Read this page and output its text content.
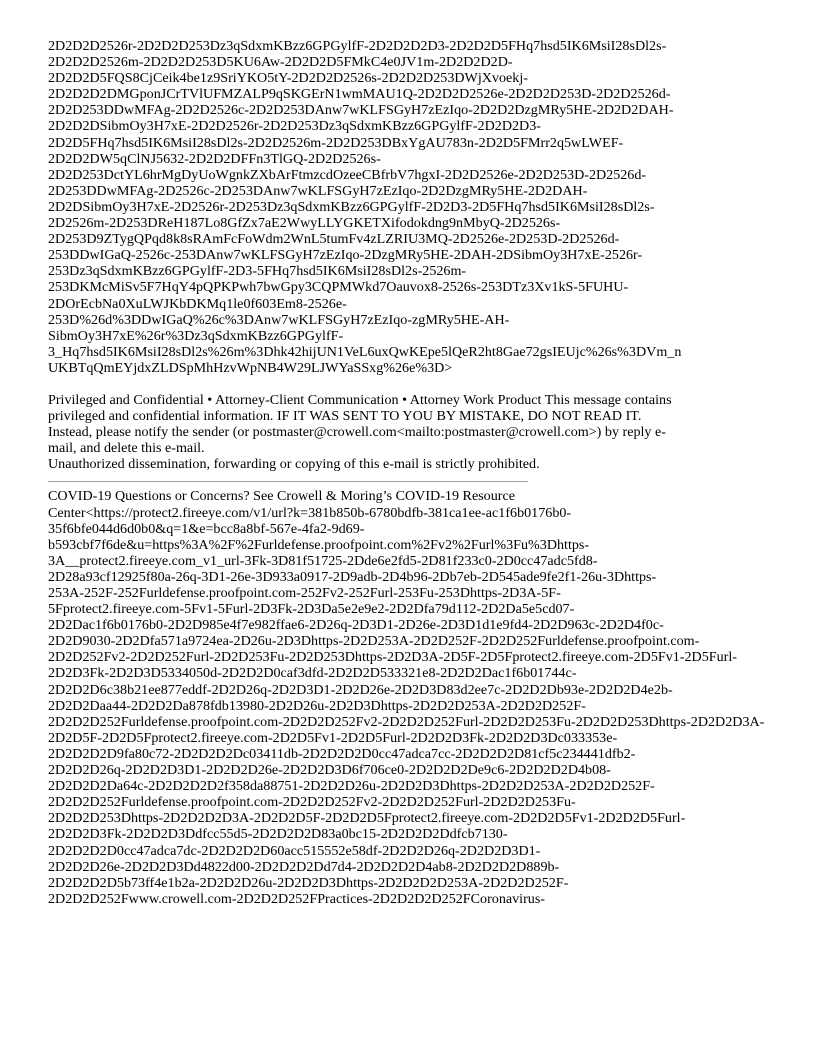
2D2D2D2526r-2D2D2D253Dz3qSdxmKBzz6GPGylfF-2D2D2D2D3-2D2D2D5FHq7hsd5IK6MsiI28sDl2s-
2D2D2D2526m-2D2D2D253D5KU6Aw-2D2D2D5FMkC4e0JV1m-2D2D2D2D-
2D2D2D5FQS8CjCeik4be1z9SriYKO5tY-2D2D2D2526s-2D2D2D253DWjXvoekj-
2D2D2D2DMGponJCrTVlUFMZALP9qSKGErN1wmMAU1Q-2D2D2D2526e-2D2D2D253D-2D2D2526d-
2D2D253DDwMFAg-2D2D2526c-2D2D253DAnw7wKLFSGyH7zEzIqo-2D2D2DzgMRy5HE-2D2D2DAH-
2D2D2DSibmOy3H7xE-2D2D2526r-2D2D253Dz3qSdxmKBzz6GPGylfF-2D2D2D3-
2D2D5FHq7hsd5IK6MsiI28sDl2s-2D2D2526m-2D2D253DBxYgAU783n-2D2D5FMrr2q5wLWEF-
2D2D2DW5qClNJ5632-2D2D2DFFn3TlGQ-2D2D2526s-
2D2D253DctYL6hrMgDyUoWgnkZXbArFtmzcdOzeeCBfrbV7hgxI-2D2D2526e-2D2D253D-2D2526d-
2D253DDwMFAg-2D2526c-2D253DAnw7wKLFSGyH7zEzIqo-2D2DzgMRy5HE-2D2DAH-
2D2DSibmOy3H7xE-2D2526r-2D253Dz3qSdxmKBzz6GPGylfF-2D2D3-2D5FHq7hsd5IK6MsiI28sDl2s-
2D2526m-2D253DReH187Lo8GfZx7aE2WwyLLYGKETXifodokdng9nMbyQ-2D2526s-
2D253D9ZTygQPqd8k8sRAmFcFoWdm2WnL5tumFv4zLZRIU3MQ-2D2526e-2D253D-2D2526d-
253DDwIGaQ-2526c-253DAnw7wKLFSGyH7zEzIqo-2DzgMRy5HE-2DAH-2DSibmOy3H7xE-2526r-
253Dz3qSdxmKBzz6GPGylfF-2D3-5FHq7hsd5IK6MsiI28sDl2s-2526m-
253DKMcMiSv5F7HqY4pQPKPwh7bwGpy3CQPMWkd7Oauvox8-2526s-253DTz3Xv1kS-5FUHU-
2DOrEcbNa0XuLWJKbDKMq1le0f603Em8-2526e-
253D%26d%3DDwIGaQ%26c%3DAnw7wKLFSGyH7zEzIqo-zgMRy5HE-AH-
SibmOy3H7xE%26r%3Dz3qSdxmKBzz6GPGylfF-
3_Hq7hsd5IK6MsiI28sDl2s%26m%3Dhk42hijUN1VeL6uxQwKEpe5lQeR2ht8Gae72gsIEUjc%26s%3DVm_n
UKBTqQmEYjdxZLDSpMhHzvWpNB4W29LJWYaSSxg%26e%3D>
Privileged and Confidential • Attorney-Client Communication • Attorney Work Product This message contains
privileged and confidential information. IF IT WAS SENT TO YOU BY MISTAKE, DO NOT READ IT.
Instead, please notify the sender (or postmaster@crowell.com<mailto:postmaster@crowell.com>) by reply e-
mail, and delete this e-mail.
Unauthorized dissemination, forwarding or copying of this e-mail is strictly prohibited.
COVID-19 Questions or Concerns? See Crowell & Moring’s COVID-19 Resource
Center<https://protect2.fireeye.com/v1/url?k=381b850b-6780bdfb-381ca1ee-ac1f6b0176b0-
35f6bfe044d6d0b0&q=1&e=bcc8a8bf-567e-4fa2-9d69-
b593cbf7f6de&u=https%3A%2F%2Furldefense.proofpoint.com%2Fv2%2Furl%3Fu%3Dhttps-
3A__protect2.fireeye.com_v1_url-3Fk-3D81f51725-2Dde6e2fd5-2D81f233c0-2D0cc47adc5fd8-
2D28a93cf12925f80a-26q-3D1-26e-3D933a0917-2D9adb-2D4b96-2Db7eb-2D545ade9fe2f1-26u-3Dhttps-
253A-252F-252Furldefense.proofpoint.com-252Fv2-252Furl-253Fu-253Dhttps-2D3A-5F-
5Fprotect2.fireeye.com-5Fv1-5Furl-2D3Fk-2D3Da5e2e9e2-2D2Dfa79d112-2D2Da5e5cd07-
2D2Dac1f6b0176b0-2D2D985e4f7e982ffae6-2D26q-2D3D1-2D26e-2D3D1d1e9fd4-2D2D963c-2D2D4f0c-
2D2D9030-2D2Dfa571a9724ea-2D26u-2D3Dhttps-2D2D253A-2D2D252F-2D2D252Furldefense.proofpoint.com-
2D2D252Fv2-2D2D252Furl-2D2D253Fu-2D2D253Dhttps-2D2D3A-2D5F-2D5Fprotect2.fireeye.com-2D5Fv1-2D5Furl-
2D2D3Fk-2D2D3D5334050d-2D2D2D0caf3dfd-2D2D2D533321e8-2D2D2Dac1f6b01744c-
2D2D2D6c38b21ee877eddf-2D2D26q-2D2D3D1-2D2D26e-2D2D3D83d2ee7c-2D2D2Db93e-2D2D2D4e2b-
2D2D2Daa44-2D2D2Da878fdb13980-2D2D26u-2D2D3Dhttps-2D2D2D253A-2D2D2D252F-
2D2D2D252Furldefense.proofpoint.com-2D2D2D252Fv2-2D2D2D252Furl-2D2D2D253Fu-2D2D2D253Dhttps-2D2D2D3A-
2D2D5F-2D2D5Fprotect2.fireeye.com-2D2D5Fv1-2D2D5Furl-2D2D2D3Fk-2D2D2D3Dc033353e-
2D2D2D2D9fa80c72-2D2D2D2Dc03411db-2D2D2D2D0cc47adca7cc-2D2D2D2D81cf5c234441dfb2-
2D2D2D26q-2D2D2D3D1-2D2D2D26e-2D2D2D3D6f706ce0-2D2D2D2De9c6-2D2D2D2D4b08-
2D2D2D2Da64c-2D2D2D2D2f358da88751-2D2D2D26u-2D2D2D3Dhttps-2D2D2D253A-2D2D2D252F-
2D2D2D252Furldefense.proofpoint.com-2D2D2D252Fv2-2D2D2D252Furl-2D2D2D253Fu-
2D2D2D253Dhttps-2D2D2D2D3A-2D2D2D5F-2D2D2D5Fprotect2.fireeye.com-2D2D2D5Fv1-2D2D2D5Furl-
2D2D2D3Fk-2D2D2D3Ddfcc55d5-2D2D2D2D83a0bc15-2D2D2D2Ddfcb7130-
2D2D2D2D0cc47adca7dc-2D2D2D2D60acc515552e58df-2D2D2D26q-2D2D2D3D1-
2D2D2D26e-2D2D2D3Dd4822d00-2D2D2D2Dd7d4-2D2D2D2D4ab8-2D2D2D2D889b-
2D2D2D2D5b73ff4e1b2a-2D2D2D26u-2D2D2D3Dhttps-2D2D2D2D253A-2D2D2D252F-
2D2D2D252Fwww.crowell.com-2D2D2D252FPractices-2D2D2D2D252FCoronavirus-
